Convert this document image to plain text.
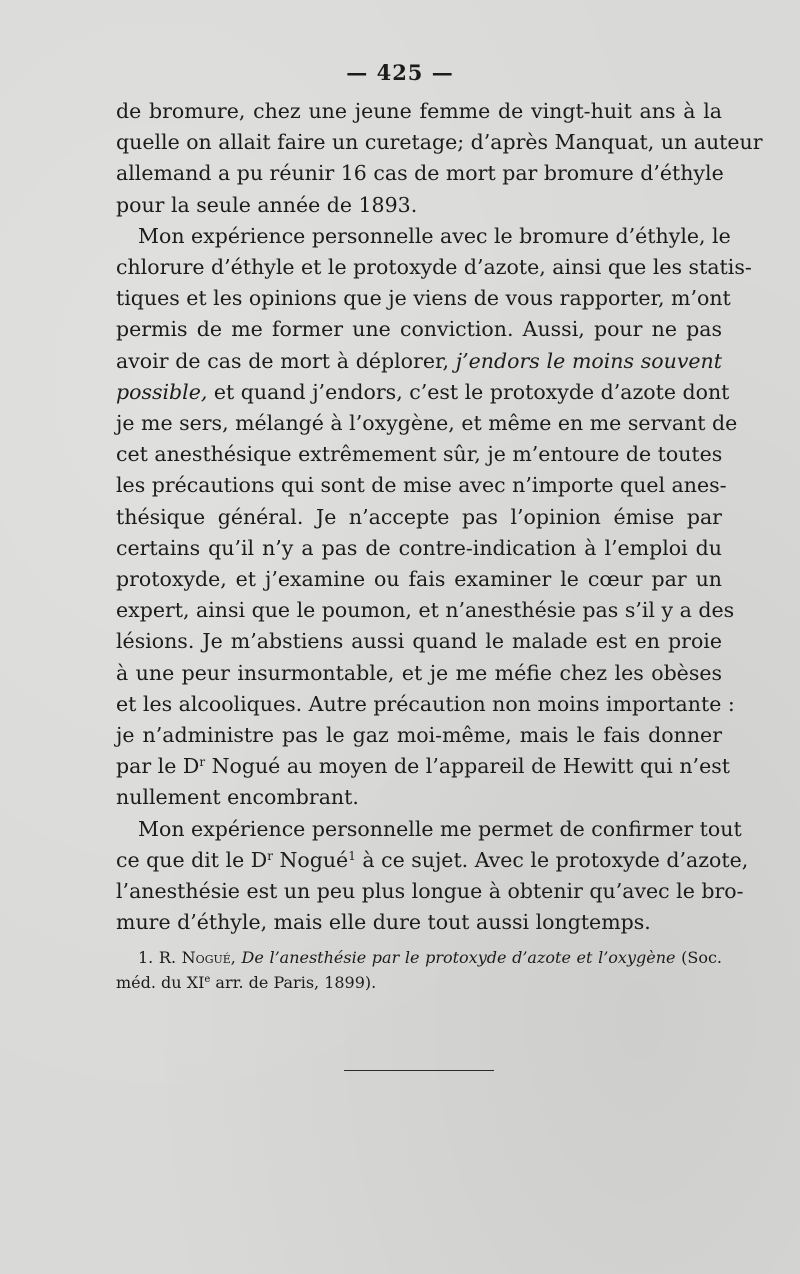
— 425 —
de bromure, chez une jeune femme de vingt-huit ans à la
quelle on allait faire un curetage; d’après Manquat, un auteur
allemand a pu réunir 16 cas de mort par bromure d’éthyle
pour la seule année de 1893.
Mon expérience personnelle avec le bromure d’éthyle, le
chlorure d’éthyle et le protoxyde d’azote, ainsi que les statis-
tiques et les opinions que je viens de vous rapporter, m’ont
permis de me former une conviction. Aussi, pour ne pas
avoir de cas de mort à déplorer, j’endors le moins souvent
possible, et quand j’endors, c’est le protoxyde d’azote dont
je me sers, mélangé à l’oxygène, et même en me servant de
cet anesthésique extrêmement sûr, je m’entoure de toutes
les précautions qui sont de mise avec n’importe quel anes-
thésique général. Je n’accepte pas l’opinion émise par
certains qu’il n’y a pas de contre-indication à l’emploi du
protoxyde, et j’examine ou fais examiner le cœur par un
expert, ainsi que le poumon, et n’anesthésie pas s’il y a des
lésions. Je m’abstiens aussi quand le malade est en proie
à une peur insurmontable, et je me méfie chez les obèses
et les alcooliques. Autre précaution non moins importante :
je n’administre pas le gaz moi-même, mais le fais donner
par le $D^r$ Nogué au moyen de l’appareil de Hewitt qui n’est
nullement encombrant.
Mon expérience personnelle me permet de confirmer tout
ce que dit le $D^r$ Nogué$^1$ à ce sujet. Avec le protoxyde d’azote,
l’anesthésie est un peu plus longue à obtenir qu’avec le bro-
mure d’éthyle, mais elle dure tout aussi longtemps.
1. R. Nogué, De l’anesthésie par le protoxyde d’azote et l’oxygène (Soc.
méd. du XIe arr. de Paris, 1899).
